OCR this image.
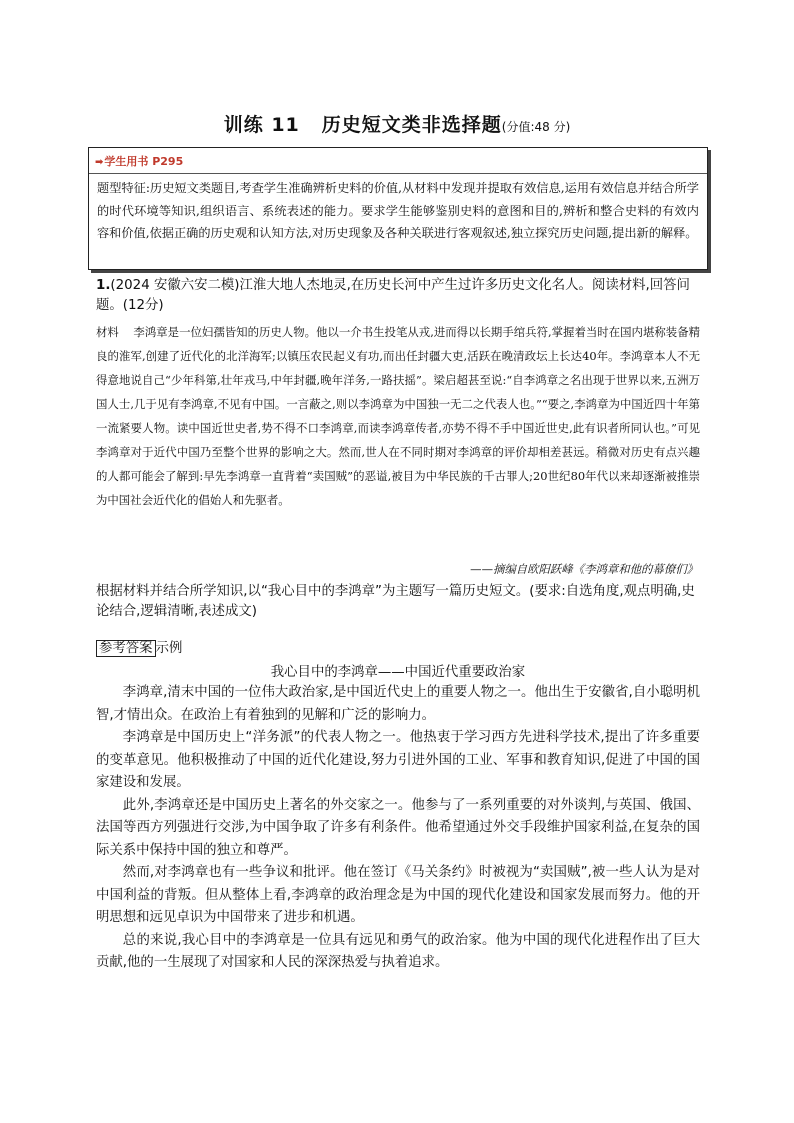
训练 11 历史短文类非选择题(分值:48 分)
➡学生用书 P295
题型特征:历史短文类题目,考查学生准确辨析史料的价值,从材料中发现并提取有效信息,运用有效信息并结合所学的时代环境等知识,组织语言、系统表述的能力。要求学生能够鉴别史料的意图和目的,辨析和整合史料的有效内容和价值,依据正确的历史观和认知方法,对历史现象及各种关联进行客观叙述,独立探究历史问题,提出新的解释。
1.(2024 安徽六安二模)江淮大地人杰地灵,在历史长河中产生过许多历史文化名人。阅读材料,回答问题。(12分)
材料 李鸿章是一位妇孺皆知的历史人物。他以一介书生投笔从戎,进而得以长期手绾兵符,掌握着当时在国内堪称装备精良的淮军,创建了近代化的北洋海军;以镇压农民起义有功,而出任封疆大吏,活跃在晚清政坛上长达40年。李鸿章本人不无得意地说自己“少年科第,壮年戎马,中年封疆,晚年洋务,一路扶摇”。梁启超甚至说:“自李鸿章之名出现于世界以来,五洲万国人士,几于见有李鸿章,不见有中国。一言蔽之,则以李鸿章为中国独一无二之代表人也。”“要之,李鸿章为中国近四十年第一流紧要人物。读中国近世史者,势不得不口李鸿章,而读李鸿章传者,亦势不得不手中国近世史,此有识者所同认也。”可见李鸿章对于近代中国乃至整个世界的影响之大。然而,世人在不同时期对李鸿章的评价却相差甚远。稍微对历史有点兴趣的人都可能会了解到:早先李鸿章一直背着“卖国贼”的恶谥,被目为中华民族的千古罪人;20世纪80年代以来却逐渐被推崇为中国社会近代化的倡始人和先驱者。
——摘编自欧阳跃峰《李鸿章和他的幕僚们》
根据材料并结合所学知识,以“我心目中的李鸿章”为主题写一篇历史短文。(要求:自选角度,观点明确,史论结合,逻辑清晰,表述成文)
参考答案 示例
我心目中的李鸿章——中国近代重要政治家

李鸿章,清末中国的一位伟大政治家,是中国近代史上的重要人物之一。他出生于安徽省,自小聪明机智,才情出众。在政治上有着独到的见解和广泛的影响力。

李鸿章是中国历史上“洋务派”的代表人物之一。他热衷于学习西方先进科学技术,提出了许多重要的变革意见。他积极推动了中国的近代化建设,努力引进外国的工业、军事和教育知识,促进了中国的国家建设和发展。

此外,李鸿章还是中国历史上著名的外交家之一。他参与了一系列重要的对外谈判,与英国、俄国、法国等西方列强进行交涉,为中国争取了许多有利条件。他希望通过外交手段维护国家利益,在复杂的国际关系中保持中国的独立和尊严。

然而,对李鸿章也有一些争议和批评。他在签订《马关条约》时被视为“卖国贼”,被一些人认为是对中国利益的背叛。但从整体上看,李鸿章的政治理念是为中国的现代化建设和国家发展而努力。他的开明思想和远见卓识为中国带来了进步和机遇。

总的来说,我心目中的李鸿章是一位具有远见和勇气的政治家。他为中国的现代化进程作出了巨大贡献,他的一生展现了对国家和人民的深深热爱与执着追求。
